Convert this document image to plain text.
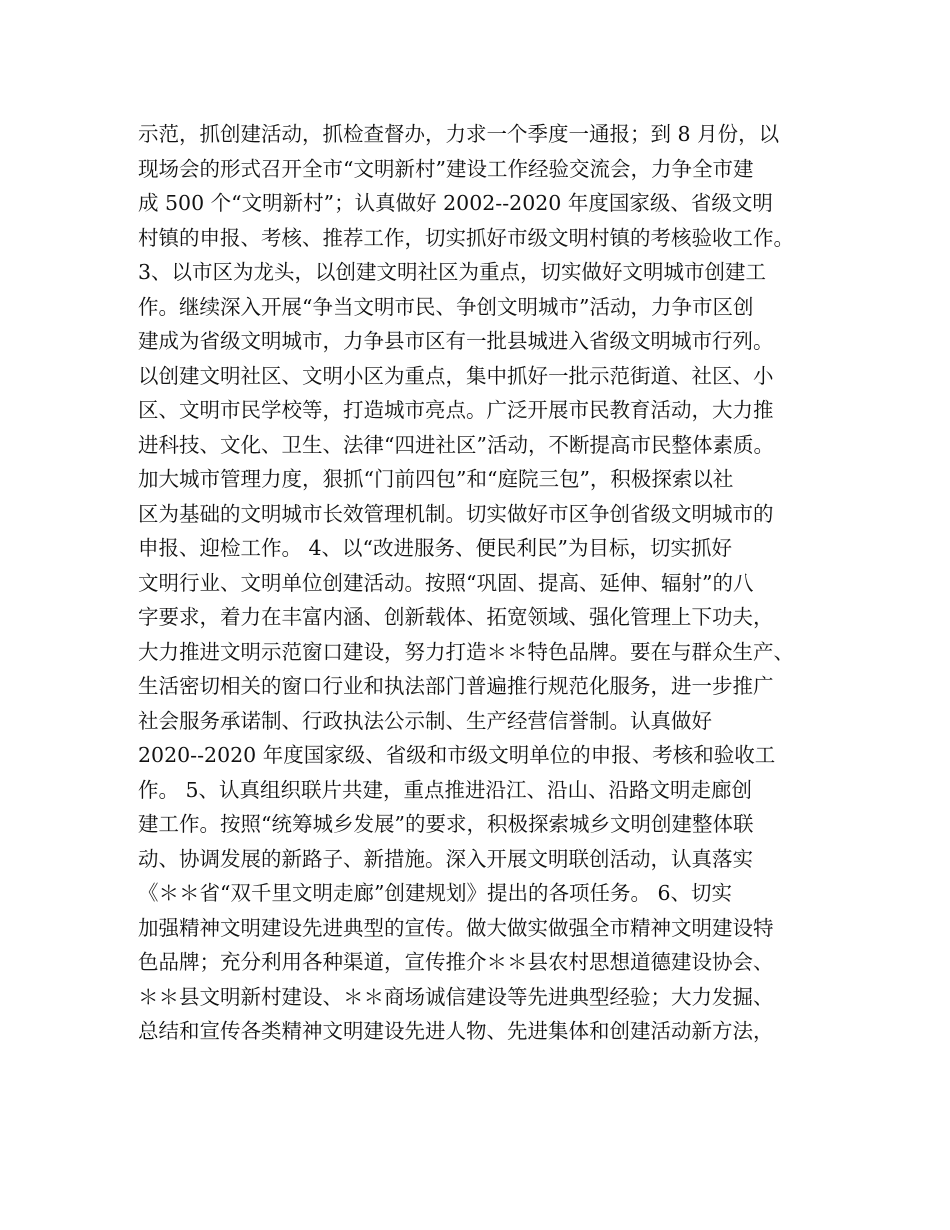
示范，抓创建活动，抓检查督办，力求一个季度一通报；到 8 月份，以
现场会的形式召开全市“文明新村”建设工作经验交流会，力争全市建
成 500 个“文明新村”；认真做好 2002--2020 年度国家级、省级文明
村镇的申报、考核、推荐工作，切实抓好市级文明村镇的考核验收工作。
3、以市区为龙头，以创建文明社区为重点，切实做好文明城市创建工
作。继续深入开展“争当文明市民、争创文明城市”活动，力争市区创
建成为省级文明城市，力争县市区有一批县城进入省级文明城市行列。
以创建文明社区、文明小区为重点，集中抓好一批示范街道、社区、小
区、文明市民学校等，打造城市亮点。广泛开展市民教育活动，大力推
进科技、文化、卫生、法律“四进社区”活动，不断提高市民整体素质。
加大城市管理力度，狠抓“门前四包”和“庭院三包”，积极探索以社
区为基础的文明城市长效管理机制。切实做好市区争创省级文明城市的
申报、迎检工作。 4、以“改进服务、便民利民”为目标，切实抓好
文明行业、文明单位创建活动。按照“巩固、提高、延伸、辐射”的八
字要求，着力在丰富内涵、创新载体、拓宽领域、强化管理上下功夫，
大力推进文明示范窗口建设，努力打造＊＊特色品牌。要在与群众生产、
生活密切相关的窗口行业和执法部门普遍推行规范化服务，进一步推广
社会服务承诺制、行政执法公示制、生产经营信誉制。认真做好
2020--2020 年度国家级、省级和市级文明单位的申报、考核和验收工
作。 5、认真组织联片共建，重点推进沿江、沿山、沿路文明走廊创
建工作。按照“统筹城乡发展”的要求，积极探索城乡文明创建整体联
动、协调发展的新路子、新措施。深入开展文明联创活动，认真落实
《＊＊省“双千里文明走廊”创建规划》提出的各项任务。 6、切实
加强精神文明建设先进典型的宣传。做大做实做强全市精神文明建设特
色品牌；充分利用各种渠道，宣传推介＊＊县农村思想道德建设协会、
＊＊县文明新村建设、＊＊商场诚信建设等先进典型经验；大力发掘、
总结和宣传各类精神文明建设先进人物、先进集体和创建活动新方法，
